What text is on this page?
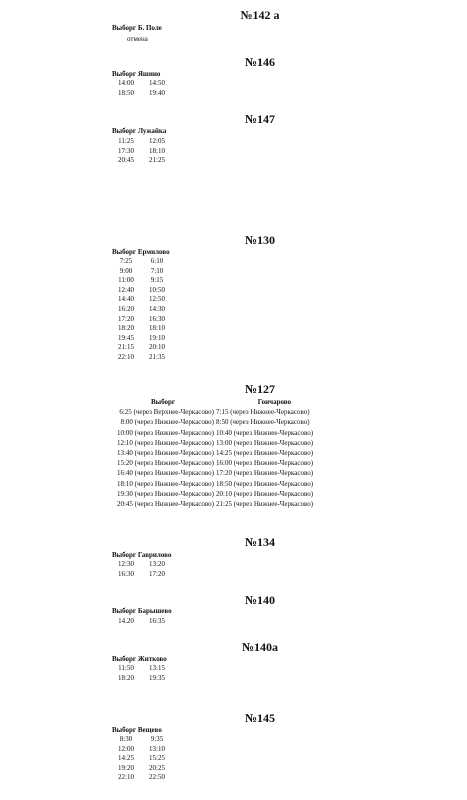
№142 а
Выборг Б. Поле
отмена
№146
Выборг Яшино
14:00 14:50
18:50 19:40
№147
Выборг Лужайка
11:25 12:05
17:30 18:10
20:45 21:25
№130
Выборг Ермилово
7:25	6:10
9:00	7:10
11:00 9:15
12:40 10:50
14:40 12:50
16:20 14:30
17:20 16:30
18:20 18:10
19:45 19:10
21:15 20:10
22:10 21:35
№127
Выборг	Гончарово
6:25 (через Верхнее-Черкасово) 7:15 (через Нижнее-Черкасово)
8:00 (через Нижнее-Черкасово) 8:50 (через Нижнее-Черкасово)
10:00 (через Нижнее-Черкасово) 10:40 (через Нижнее-Черкасово)
12:10 (через Нижнее-Черкасово) 13:00 (через Нижнее-Черкасово)
13:40 (через Нижнее-Черкасово) 14:25 (через Нижнее-Черкасово)
15:20 (через Нижнее-Черкасово) 16:00 (через Нижнее-Черкасово)
16:40 (через Нижнее-Черкасово) 17:20 (через Нижнее-Черкасово)
18:10 (через Нижнее-Черкасово) 18:50 (через Нижнее-Черкасово)
19:30 (через Нижнее-Черкасово) 20:10 (через Нижнее-Черкасово)
20:45 (через Нижнее-Черкасово) 21:25 (через Нижнее-Черкасово)
№134
Выборг Гаврилово
12:30 13:20
16:30 17:20
№140
Выборг Барышево
14.20 16:35
№140а
Выборг Житково
11:50 13:15
18:20 19:35
№145
Выборг Вещево
8:30	9:35
12:00 13:10
14:25 15:25
19:20 20:25
22:10 22:50
